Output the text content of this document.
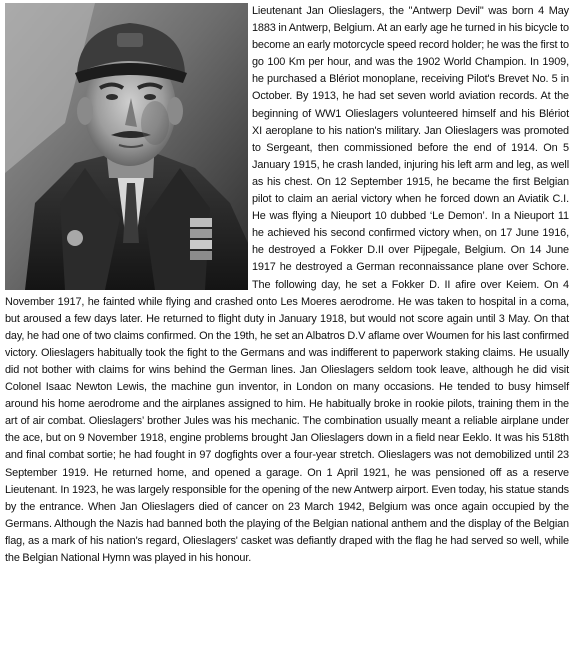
Lieutenant Jan Olieslagers, the "Antwerp Devil" was born 4 May 1883 in Antwerp, Belgium. At an early age he turned in his bicycle to become an early motorcycle speed record holder; he was the first to go 100 Km per hour, and was the 1902 World Champion. In 1909, he purchased a Blériot monoplane, receiving Pilot's Brevet No. 5 in October. By 1913, he had set seven world aviation records. At the beginning of WW1 Olieslagers volunteered himself and his Blériot XI aeroplane to his nation's military. Jan Olieslagers was promoted to Sergeant, then commissioned before the end of 1914. On 5 January 1915, he crash landed, injuring his left arm and leg, as well as his chest. On 12 September 1915, he became the first Belgian pilot to claim an aerial victory when he forced down an Aviatik C.I. He was flying a Nieuport 10 dubbed ‘Le Demon’. In a Nieuport 11 he achieved his second confirmed victory when, on 17 June 1916, he destroyed a Fokker D.II over Pijpegale, Belgium. On 14 June 1917 he destroyed a German reconnaissance plane over Schore. The following day, he set a Fokker D. II afire over Keiem. On 4 November 1917, he fainted while flying and crashed onto Les Moeres aerodrome. He was taken to hospital in a coma, but aroused a few days later. He returned to flight duty in January 1918, but would not score again until 3 May. On that day, he had one of two claims confirmed. On the 19th, he set an Albatros D.V aflame over Woumen for his last confirmed victory. Olieslagers habitually took the fight to the Germans and was indifferent to paperwork staking claims. He usually did not bother with claims for wins behind the German lines. Jan Olieslagers seldom took leave, although he did visit Colonel Isaac Newton Lewis, the machine gun inventor, in London on many occasions. He tended to busy himself around his home aerodrome and the airplanes assigned to him. He habitually broke in rookie pilots, training them in the art of air combat. Olieslagers’ brother Jules was his mechanic. The combination usually meant a reliable airplane under the ace, but on 9 November 1918, engine problems brought Jan Olieslagers down in a field near Eeklo. It was his 518th and final combat sortie; he had fought in 97 dogfights over a four-year stretch. Olieslagers was not demobilized until 23 September 1919. He returned home, and opened a garage. On 1 April 1921, he was pensioned off as a reserve Lieutenant. In 1923, he was largely responsible for the opening of the new Antwerp airport. Even today, his statue stands by the entrance. When Jan Olieslagers died of cancer on 23 March 1942, Belgium was once again occupied by the Germans. Although the Nazis had banned both the playing of the Belgian national anthem and the display of the Belgian flag, as a mark of his nation's regard, Olieslagers' casket was defiantly draped with the flag he had served so well, while the Belgian National Hymn was played in his honour.
